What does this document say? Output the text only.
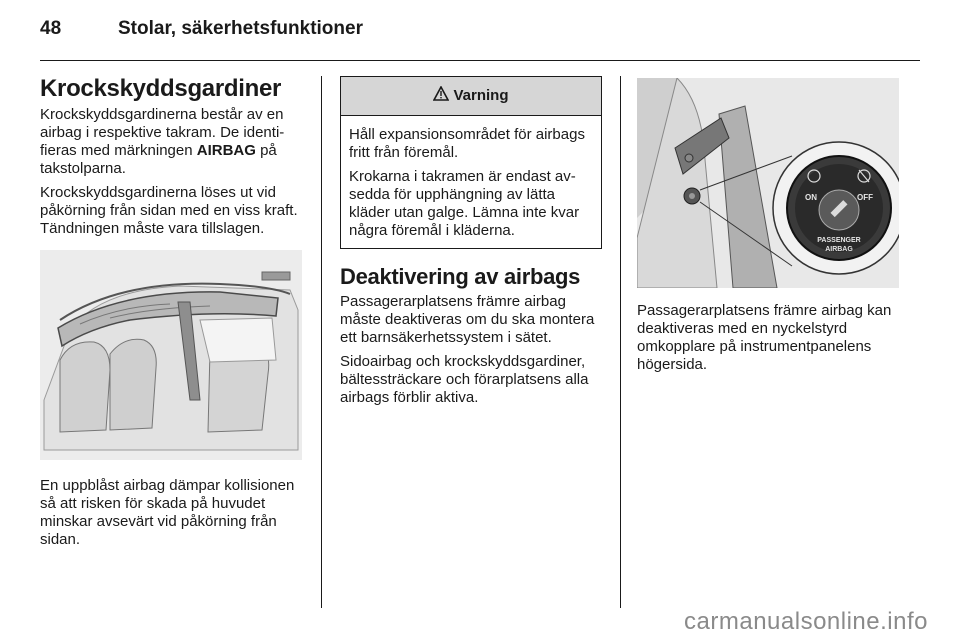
48	Stolar, säkerhetsfunktioner
Krockskyddsgardiner

Krockskyddsgardinerna består av en airbag i respektive takram. De identifieras med märkningen AIRBAG på takstolparna.

Krockskyddsgardinerna löses ut vid påkörning från sidan med en viss kraft. Tändningen måste vara tillslagen.

En uppblåst airbag dämpar kollisionen så att risken för skada på huvudet minskar avsevärt vid påkörning från sidan.

Varning

Håll expansionsområdet för airbags fritt från föremål.

Krokarna i takramen är endast avsedda för upphängning av lätta kläder utan galge. Lämna inte kvar några föremål i kläderna.

Deaktivering av airbags

Passagerarplatsens främre airbag måste deaktiveras om du ska montera ett barnsäkerhetssystem i sätet.

Sidoairbag och krockskyddsgardiner, bältessträckare och förarplatsens alla airbags förblir aktiva.

ON	OFF
PASSENGER
AIRBAG

Passagerarplatsens främre airbag kan deaktiveras med en nyckelstyrd omkopplare på instrumentpanelens högersida.

carmanualsonline.info
